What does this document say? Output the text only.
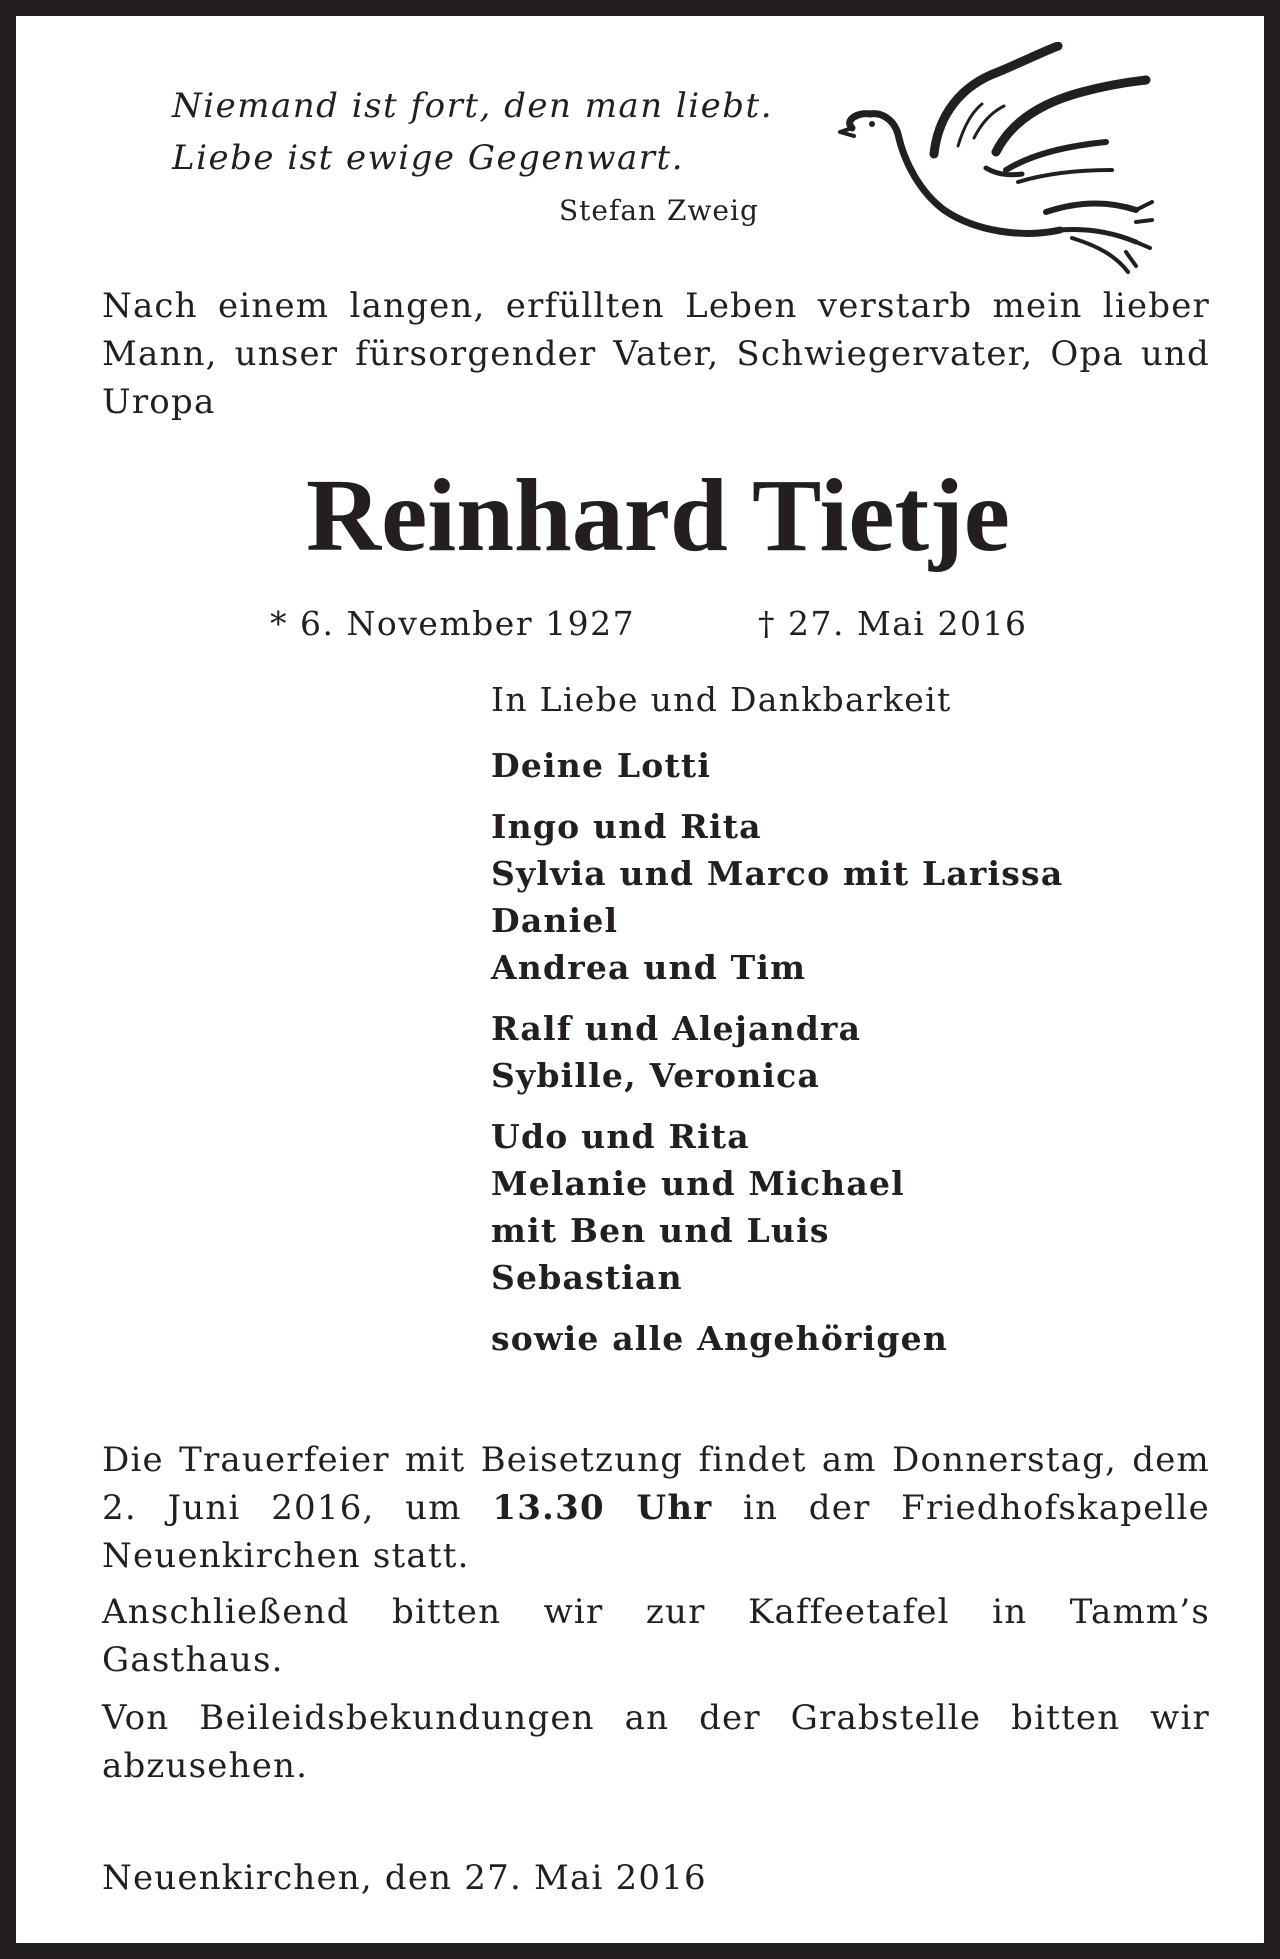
Niemand ist fort, den man liebt.
Liebe ist ewige Gegenwart.
Stefan Zweig
Nach einem langen, erfüllten Leben verstarb mein lieber Mann, unser fürsorgender Vater, Schwiegervater, Opa und Uropa
Reinhard Tietje
* 6. November 1927	† 27. Mai 2016
In Liebe und Dankbarkeit
Deine Lotti
Ingo und Rita
Sylvia und Marco mit Larissa
Daniel
Andrea und Tim
Ralf und Alejandra
Sybille, Veronica
Udo und Rita
Melanie und Michael
mit Ben und Luis
Sebastian
sowie alle Angehörigen
Die Trauerfeier mit Beisetzung findet am Donnerstag, dem 2. Juni 2016, um 13.30 Uhr in der Friedhofskapelle Neuenkirchen statt.
Anschließend bitten wir zur Kaffeetafel in Tamm’s Gasthaus.
Von Beileidsbekundungen an der Grabstelle bitten wir abzusehen.
Neuenkirchen, den 27. Mai 2016
